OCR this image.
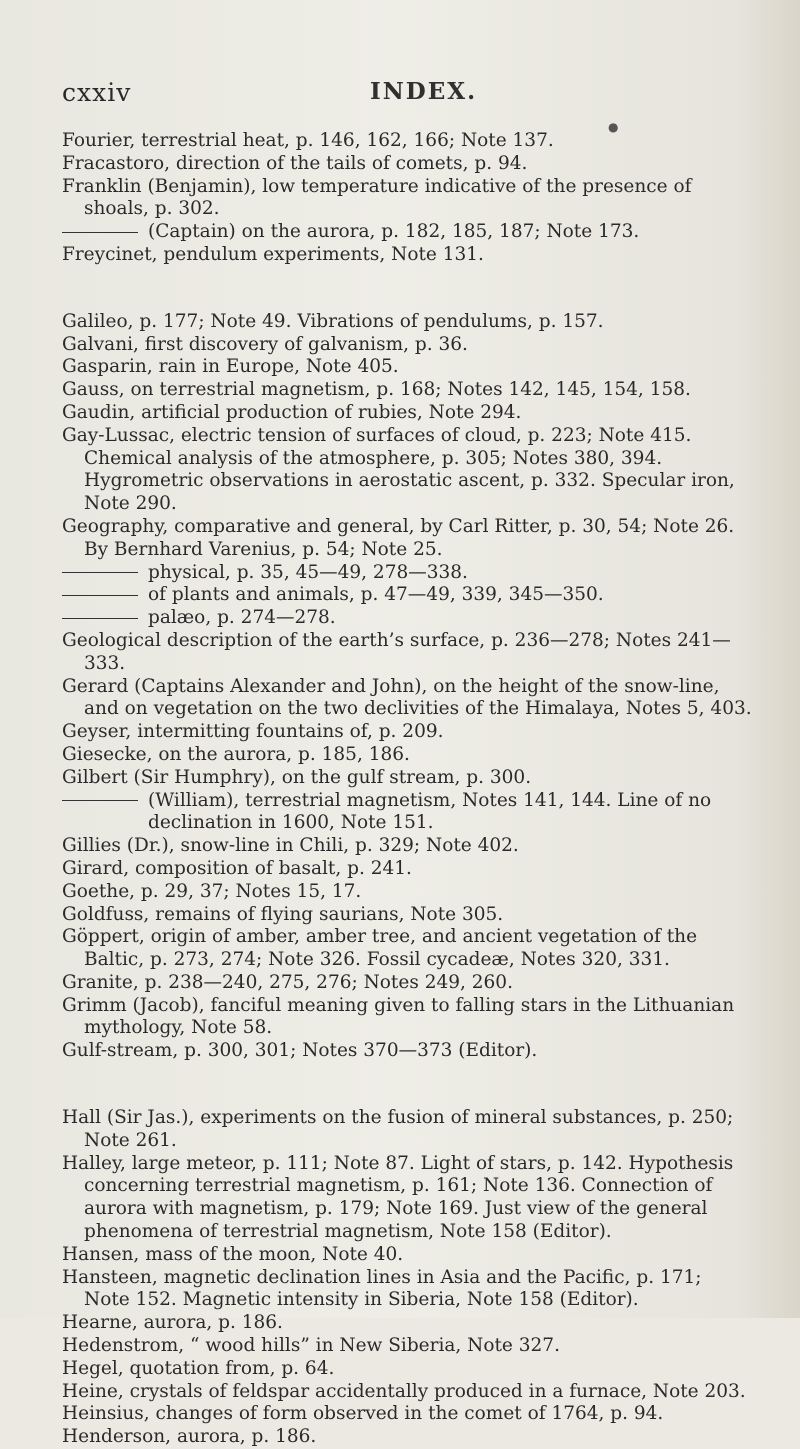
cxxiv	INDEX.
Fourier, terrestrial heat, p. 146, 162, 166; Note 137.
Fracastoro, direction of the tails of comets, p. 94.
Franklin (Benjamin), low temperature indicative of the presence of shoals, p. 302.
(Captain) on the aurora, p. 182, 185, 187; Note 173.
Freycinet, pendulum experiments, Note 131.
Galileo, p. 177; Note 49. Vibrations of pendulums, p. 157.
Galvani, first discovery of galvanism, p. 36.
Gasparin, rain in Europe, Note 405.
Gauss, on terrestrial magnetism, p. 168; Notes 142, 145, 154, 158.
Gaudin, artificial production of rubies, Note 294.
Gay-Lussac, electric tension of surfaces of cloud, p. 223; Note 415. Chemical analysis of the atmosphere, p. 305; Notes 380, 394. Hygrometric observations in aerostatic ascent, p. 332. Specular iron, Note 290.
Geography, comparative and general, by Carl Ritter, p. 30, 54; Note 26. By Bernhard Varenius, p. 54; Note 25.
physical, p. 35, 45—49, 278—338.
of plants and animals, p. 47—49, 339, 345—350.
palæo, p. 274—278.
Geological description of the earth’s surface, p. 236—278; Notes 241—333.
Gerard (Captains Alexander and John), on the height of the snow-line, and on vegetation on the two declivities of the Himalaya, Notes 5, 403.
Geyser, intermitting fountains of, p. 209.
Giesecke, on the aurora, p. 185, 186.
Gilbert (Sir Humphry), on the gulf stream, p. 300.
(William), terrestrial magnetism, Notes 141, 144. Line of no declination in 1600, Note 151.
Gillies (Dr.), snow-line in Chili, p. 329; Note 402.
Girard, composition of basalt, p. 241.
Goethe, p. 29, 37; Notes 15, 17.
Goldfuss, remains of flying saurians, Note 305.
Göppert, origin of amber, amber tree, and ancient vegetation of the Baltic, p. 273, 274; Note 326. Fossil cycadeæ, Notes 320, 331.
Granite, p. 238—240, 275, 276; Notes 249, 260.
Grimm (Jacob), fanciful meaning given to falling stars in the Lithuanian mythology, Note 58.
Gulf-stream, p. 300, 301; Notes 370—373 (Editor).
Hall (Sir Jas.), experiments on the fusion of mineral substances, p. 250; Note 261.
Halley, large meteor, p. 111; Note 87. Light of stars, p. 142. Hypothesis concerning terrestrial magnetism, p. 161; Note 136. Connection of aurora with magnetism, p. 179; Note 169. Just view of the general phenomena of terrestrial magnetism, Note 158 (Editor).
Hansen, mass of the moon, Note 40.
Hansteen, magnetic declination lines in Asia and the Pacific, p. 171; Note 152. Magnetic intensity in Siberia, Note 158 (Editor).
Hearne, aurora, p. 186.
Hedenstrom, “ wood hills” in New Siberia, Note 327.
Hegel, quotation from, p. 64.
Heine, crystals of feldspar accidentally produced in a furnace, Note 203.
Heinsius, changes of form observed in the comet of 1764, p. 94.
Henderson, aurora, p. 186.
●
